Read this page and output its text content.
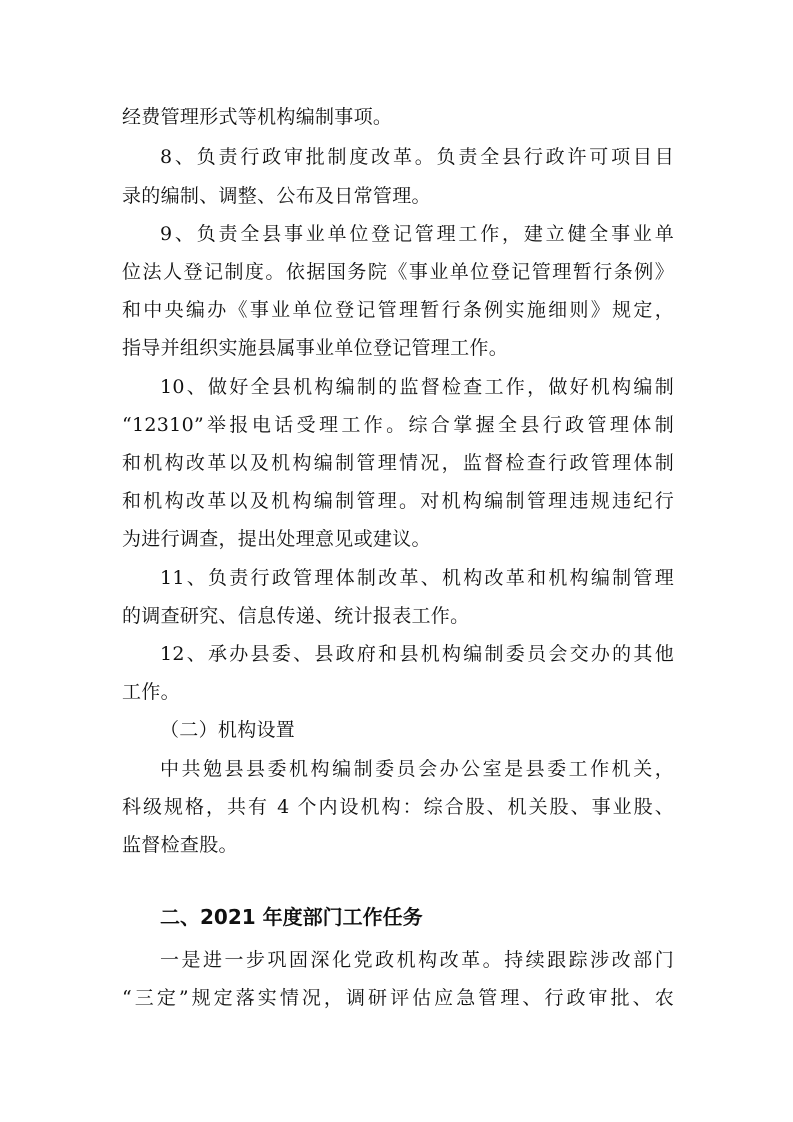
经费管理形式等机构编制事项。
8、负责行政审批制度改革。负责全县行政许可项目目
录的编制、调整、公布及日常管理。
9、负责全县事业单位登记管理工作，建立健全事业单
位法人登记制度。依据国务院《事业单位登记管理暂行条例》
和中央编办《事业单位登记管理暂行条例实施细则》规定，
指导并组织实施县属事业单位登记管理工作。
10、做好全县机构编制的监督检查工作，做好机构编制
“12310”举报电话受理工作。综合掌握全县行政管理体制
和机构改革以及机构编制管理情况，监督检查行政管理体制
和机构改革以及机构编制管理。对机构编制管理违规违纪行
为进行调查，提出处理意见或建议。
11、负责行政管理体制改革、机构改革和机构编制管理
的调查研究、信息传递、统计报表工作。
12、承办县委、县政府和县机构编制委员会交办的其他
工作。
（二）机构设置
中共勉县县委机构编制委员会办公室是县委工作机关，
科级规格，共有 4 个内设机构：综合股、机关股、事业股、
监督检查股。
二、2021 年度部门工作任务
一是进一步巩固深化党政机构改革。持续跟踪涉改部门
“三定”规定落实情况，调研评估应急管理、行政审批、农
